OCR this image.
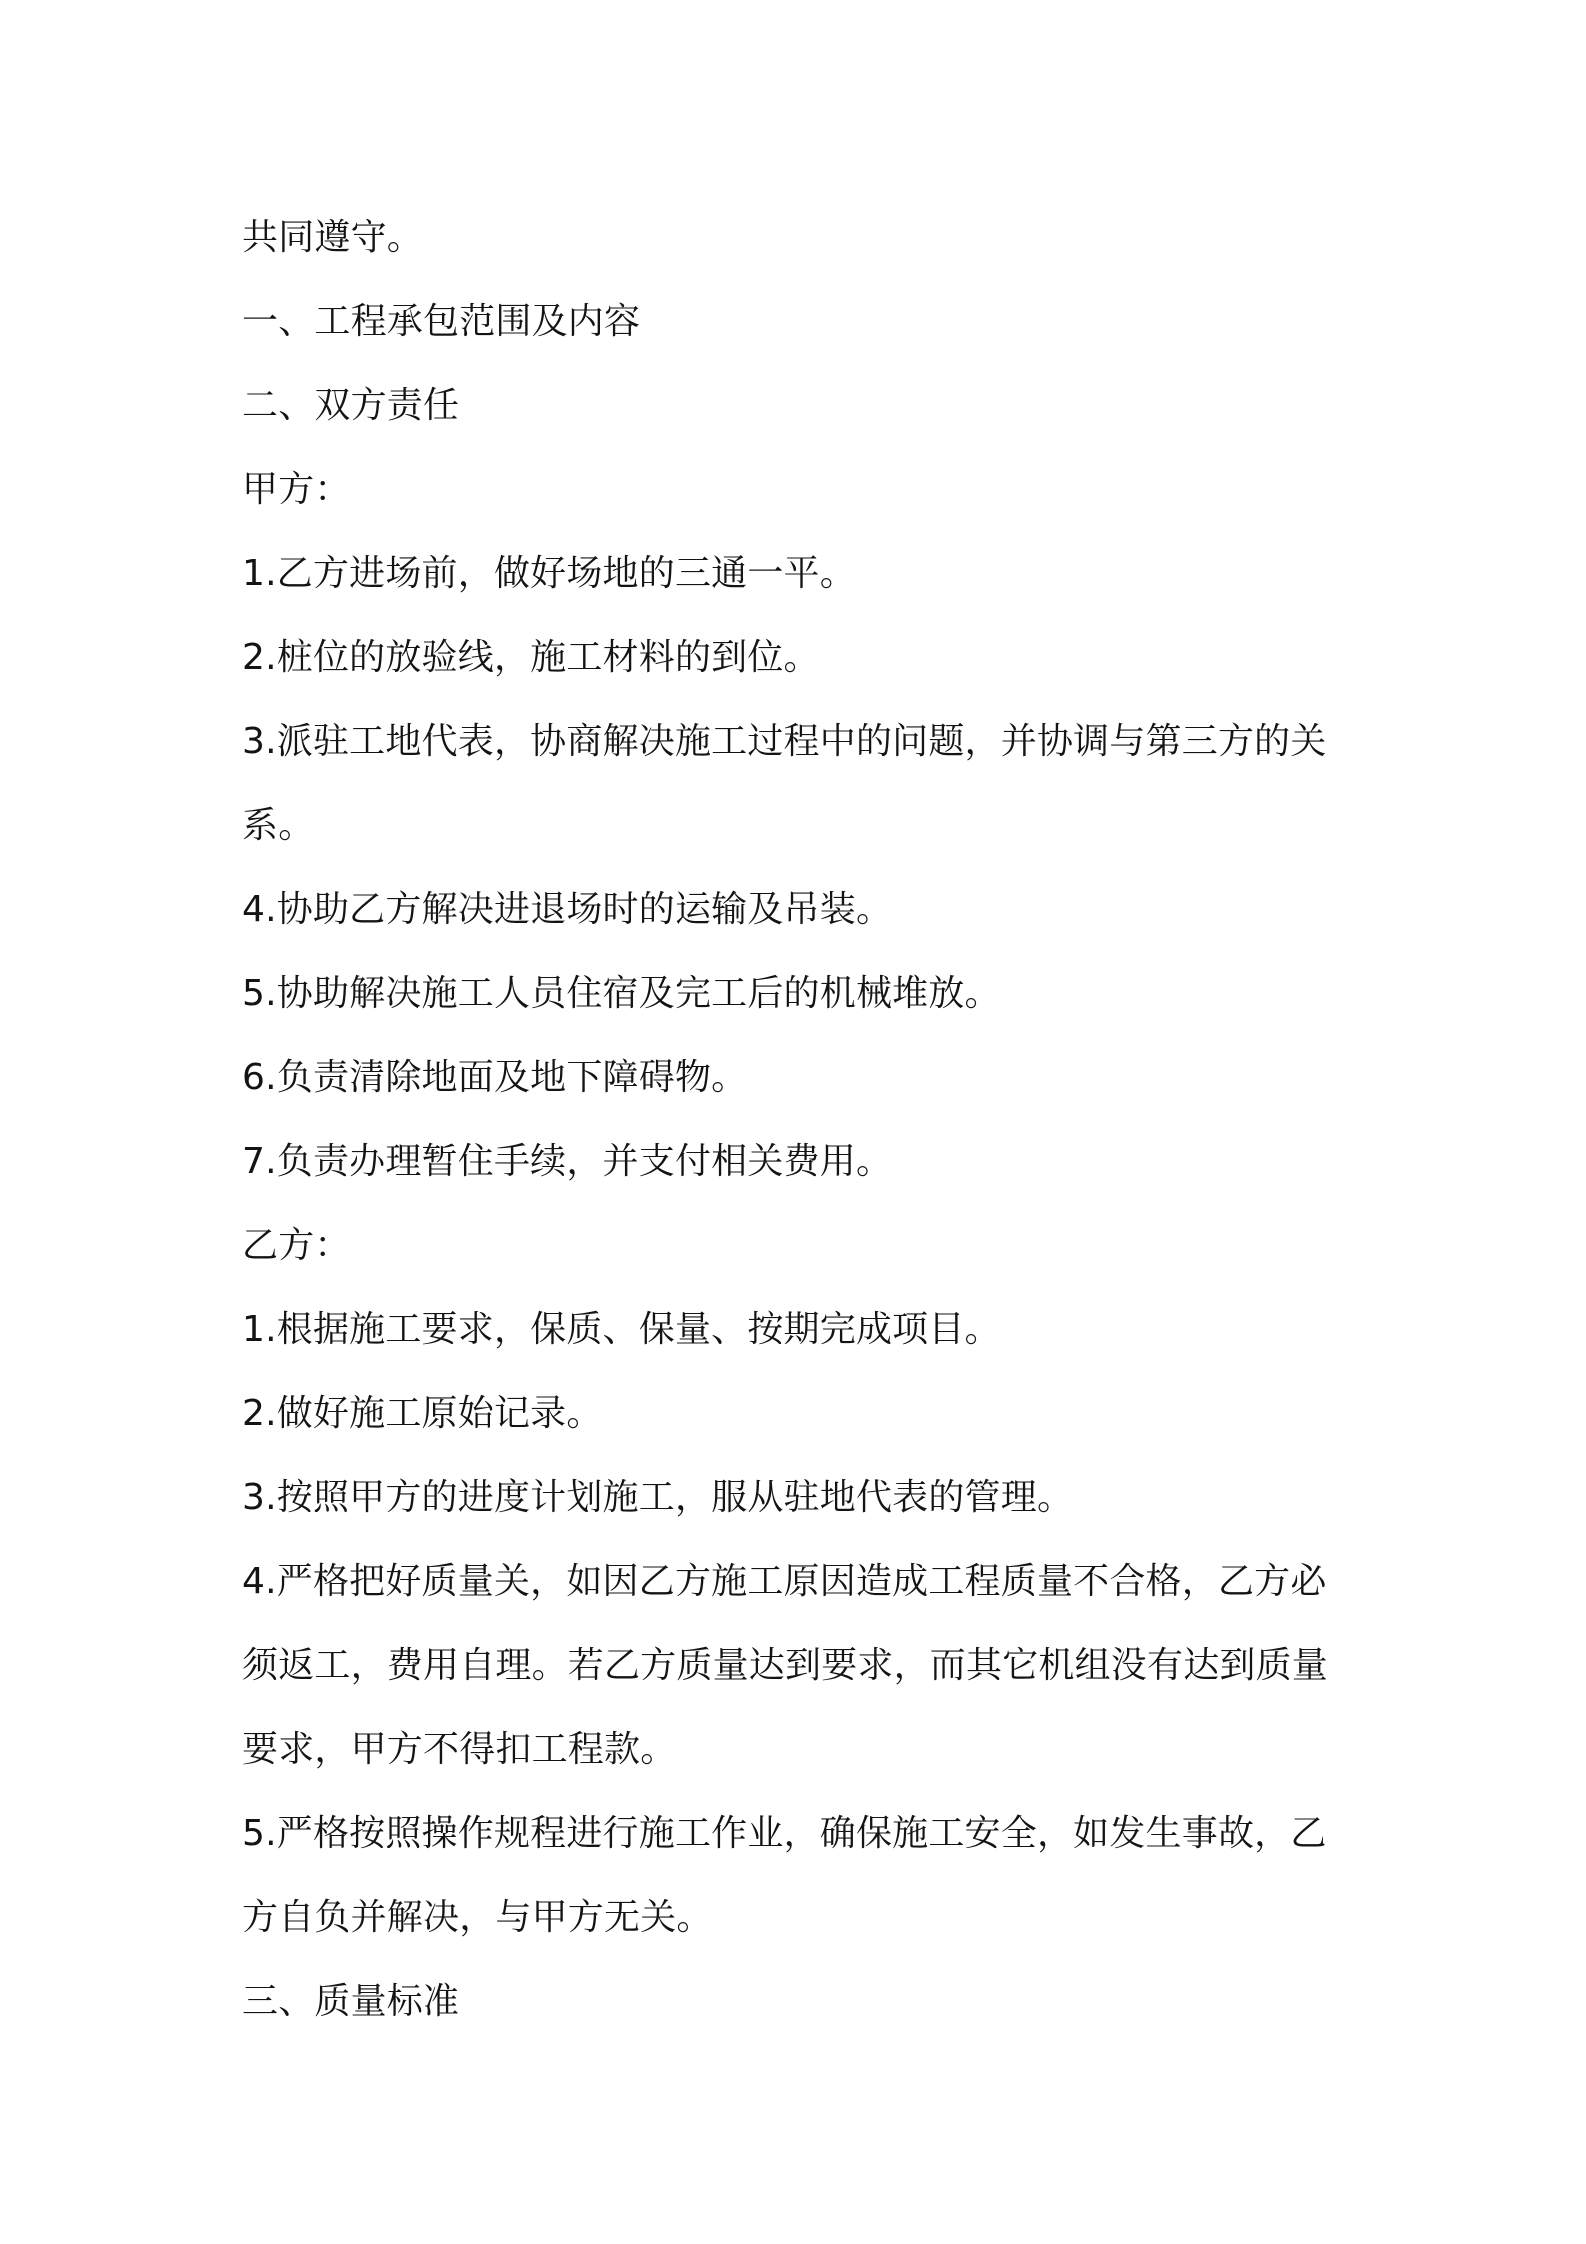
共同遵守。
一、工程承包范围及内容
二、双方责任
甲方：
1.乙方进场前，做好场地的三通一平。
2.桩位的放验线，施工材料的到位。
3.派驻工地代表，协商解决施工过程中的问题，并协调与第三方的关
系。
4.协助乙方解决进退场时的运输及吊装。
5.协助解决施工人员住宿及完工后的机械堆放。
6.负责清除地面及地下障碍物。
7.负责办理暂住手续，并支付相关费用。
乙方：
1.根据施工要求，保质、保量、按期完成项目。
2.做好施工原始记录。
3.按照甲方的进度计划施工，服从驻地代表的管理。
4.严格把好质量关，如因乙方施工原因造成工程质量不合格，乙方必
须返工，费用自理。若乙方质量达到要求，而其它机组没有达到质量
要求，甲方不得扣工程款。
5.严格按照操作规程进行施工作业，确保施工安全，如发生事故，乙
方自负并解决，与甲方无关。
三、质量标准
